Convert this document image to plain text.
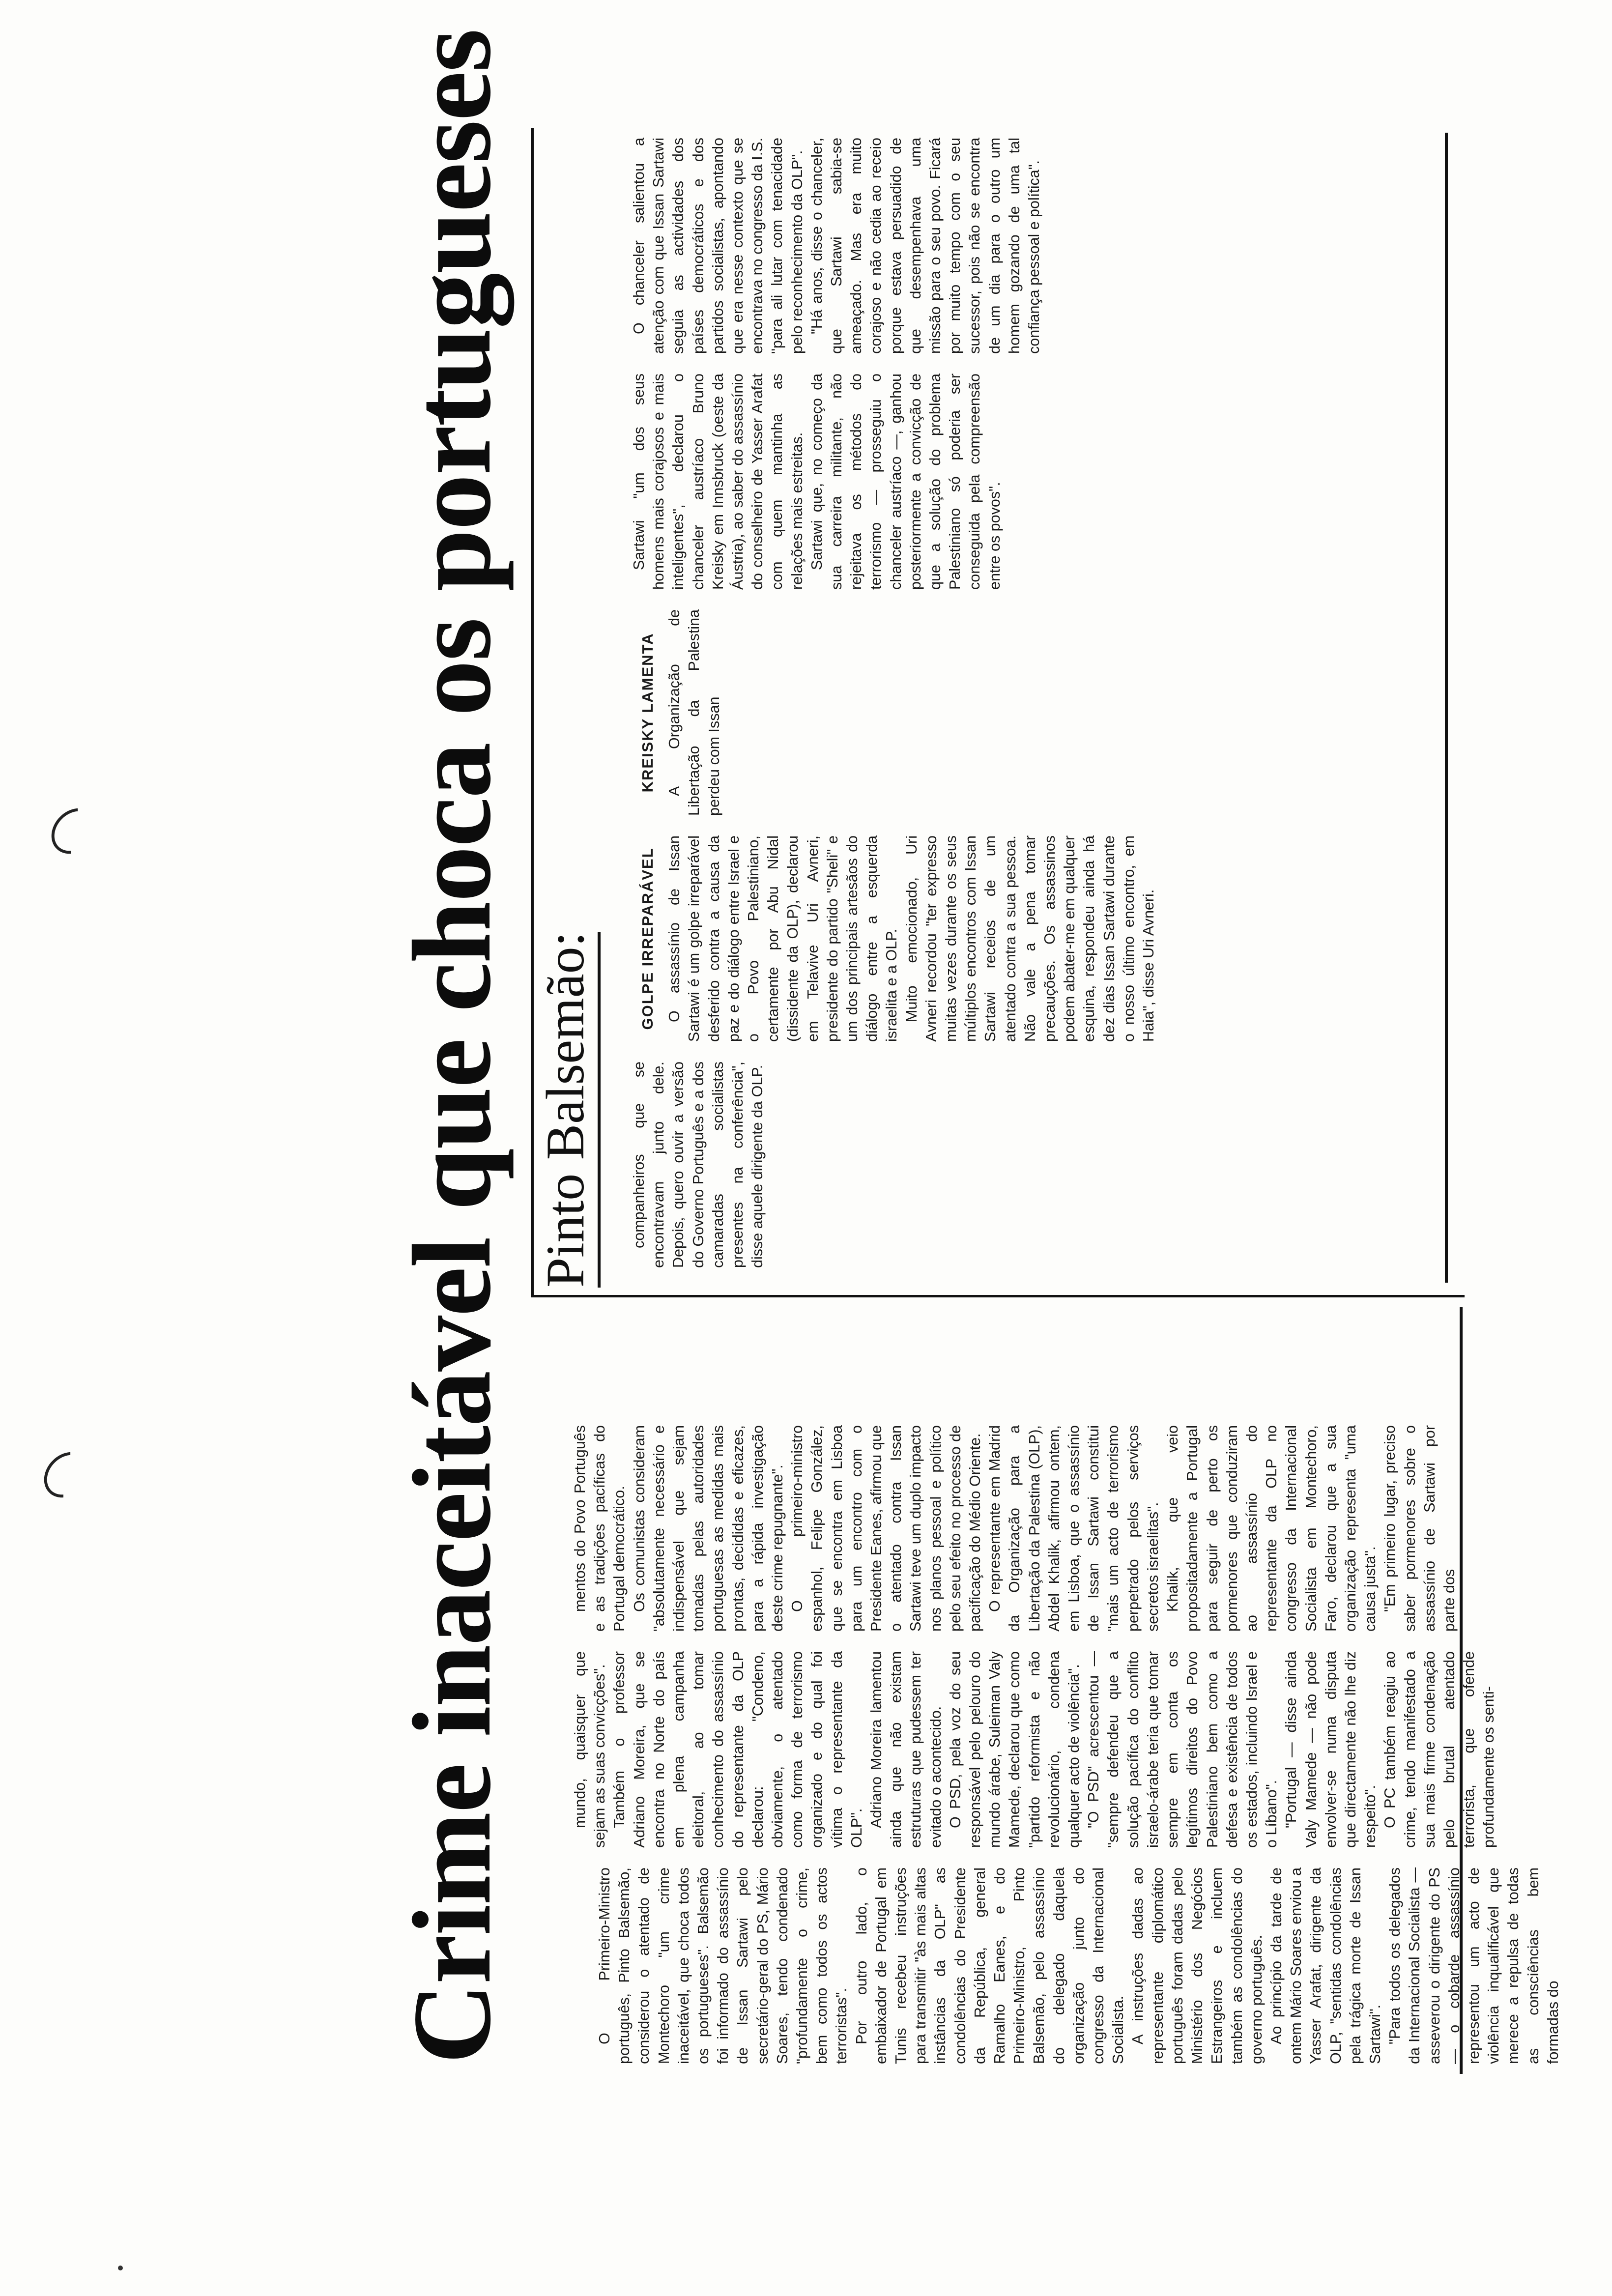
Crime inaceitável que choca os portugueses Pinto Balsemão:

O Primeiro-Ministro português, Pinto Balsemão, considerou o atentado de Montechoro "um crime inaceitável, que choca todos os portugueses". Balsemão foi informado do assassínio de Issan Sartawi pelo secretário-geral do PS, Mário Soares, tendo condenado "profundamente o crime, bem como todos os actos terroristas". Por outro lado, o embaixador de Portugal em Tunis recebeu instruções para transmitir "às mais altas instâncias da OLP" as condolências do Presidente da República, general Ramalho Eanes, e do Primeiro-Ministro, Pinto Balsemão, pelo assassínio do delegado daquela organização junto do congresso da Internacional Socialista. A instruções dadas ao representante diplomático português foram dadas pelo Ministério dos Negócios Estrangeiros e incluem também as condolências do governo português. Ao princípio da tarde de ontem Mário Soares enviou a Yasser Arafat, dirigente da OLP, "sentidas condolências pela trágica morte de Issan Sartawi". "Para todos os delegados da Internacional Socialista — asseverou o dirigente do PS — o cobarde assassínio representou um acto de violência inqualificável que merece a repulsa de todas as consciências bem formadas do

mundo, quaisquer que sejam as suas convicções". Também o professor Adriano Moreira, que se encontra no Norte do país em plena campanha eleitoral, ao tomar conhecimento do assassínio do representante da OLP declarou: "Condeno, obviamente, o atentado como forma de terrorismo organizado e do qual foi vítima o representante da OLP". Adriano Moreira lamentou ainda que não existam estruturas que pudessem ter evitado o acontecido. O PSD, pela voz do seu responsável pelo pelouro do mundo árabe, Suleiman Valy Mamede, declarou que como "partido reformista e não revolucionário, condena qualquer acto de violência". "O PSD" acrescentou — "sempre defendeu que a solução pacífica do conflito israelo-árabe teria que tomar sempre em conta os legítimos direitos do Povo Palestiniano bem como a defesa e existência de todos os estados, incluindo Israel e o Líbano". "Portugal — disse ainda Valy Mamede — não pode envolver-se numa disputa que directamente não lhe diz respeito". O PC também reagiu ao crime, tendo manifestado a sua mais firme condenação pelo brutal atentado terrorista, que ofende profundamente os senti-

mentos do Povo Português e as tradições pacíficas do Portugal democrático. Os comunistas consideram "absolutamente necessário e indispensável que sejam tomadas pelas autoridades portuguesas as medidas mais prontas, decididas e eficazes, para a rápida investigação deste crime repugnante". O primeiro-ministro espanhol, Felipe González, que se encontra em Lisboa para um encontro com o Presidente Eanes, afirmou que o atentado contra Issan Sartawi teve um duplo impacto nos planos pessoal e político pelo seu efeito no processo de pacificação do Médio Oriente. O representante em Madrid da Organização para a Libertação da Palestina (OLP), Abdel Khalik, afirmou ontem, em Lisboa, que o assassínio de Issan Sartawi constitui "mais um acto de terrorismo perpetrado pelos serviços secretos israelitas". Khalik, que veio propositadamente a Portugal para seguir de perto os pormenores que conduziram ao assassínio do representante da OLP no congresso da Internacional Socialista em Montechoro, Faro, declarou que a sua organização representa "uma causa justa". "Em primeiro lugar, preciso saber pormenores sobre o assassínio de Sartawi por parte dos

companheiros que se encontravam junto dele. Depois, quero ouvir a versão do Governo Português e a dos camaradas socialistas presentes na conferência", disse aquele dirigente da OLP.

GOLPE IRREPARÁVEL O assassínio de Issan Sartawi é um golpe irreparável desferido contra a causa da paz e do diálogo entre Israel e o Povo Palestiniano, certamente por Abu Nidal (dissidente da OLP), declarou em Telavive Uri Avneri, presidente do partido "Sheli" e um dos principais artesãos do diálogo entre a esquerda israelita e a OLP. Muito emocionado, Uri Avneri recordou "ter expresso muitas vezes durante os seus múltiplos encontros com Issan Sartawi receios de um atentado contra a sua pessoa. Não vale a pena tomar precauções. Os assassinos podem abater-me em qualquer esquina, respondeu ainda há dez dias Issan Sartawi durante o nosso último encontro, em Haia", disse Uri Avneri.

KREISKY LAMENTA A Organização de Libertação da Palestina perdeu com Issan

Sartawi "um dos seus homens mais corajosos e mais inteligentes", declarou o chanceler austríaco Bruno Kreisky em Innsbruck (oeste da Áustria), ao saber do assassínio do conselheiro de Yasser Arafat com quem mantinha as relações mais estreitas. Sartawi que, no começo da sua carreira militante, não rejeitava os métodos do terrorismo — prosseguiu o chanceler austríaco —, ganhou posteriormente a convicção de que a solução do problema Palestiniano só poderia ser conseguida pela compreensão entre os povos".

O chanceler salientou a atenção com que Issan Sartawi seguia as actividades dos países democráticos e dos partidos socialistas, apontando que era nesse contexto que se encontrava no congresso da I.S. "para ali lutar com tenacidade pelo reconhecimento da OLP". "Há anos, disse o chanceler, que Sartawi sabia-se ameaçado. Mas era muito corajoso e não cedia ao receio porque estava persuadido de que desempenhava uma missão para o seu povo. Ficará por muito tempo com o seu sucessor, pois não se encontra de um dia para o outro um homem gozando de uma tal confiança pessoal e política".
